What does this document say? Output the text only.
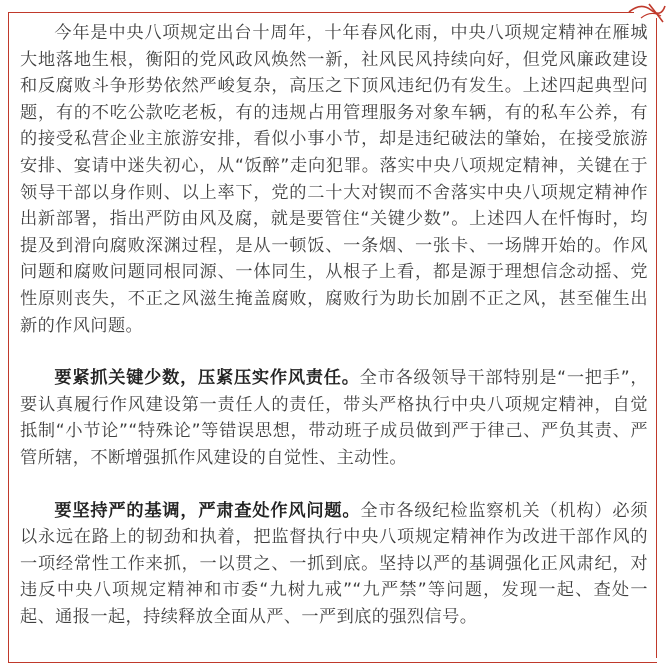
今年是中央八项规定出台十周年，十年春风化雨，中央八项规定精神在雁城大地落地生根，衡阳的党风政风焕然一新，社风民风持续向好，但党风廉政建设和反腐败斗争形势依然严峻复杂，高压之下顶风违纪仍有发生。上述四起典型问题，有的不吃公款吃老板，有的违规占用管理服务对象车辆，有的私车公养，有的接受私营企业主旅游安排，看似小事小节，却是违纪破法的肇始，在接受旅游安排、宴请中迷失初心，从“饭醉”走向犯罪。落实中央八项规定精神，关键在于领导干部以身作则、以上率下，党的二十大对锲而不舍落实中央八项规定精神作出新部署，指出严防由风及腐，就是要管住“关键少数”。上述四人在忏悔时，均提及到滑向腐败深渊过程，是从一顿饭、一条烟、一张卡、一场牌开始的。作风问题和腐败问题同根同源、一体同生，从根子上看，都是源于理想信念动摇、党性原则丧失，不正之风滋生掩盖腐败，腐败行为助长加剧不正之风，甚至催生出新的作风问题。

要紧抓关键少数，压紧压实作风责任。全市各级领导干部特别是“一把手”，要认真履行作风建设第一责任人的责任，带头严格执行中央八项规定精神，自觉抵制“小节论”“特殊论”等错误思想，带动班子成员做到严于律己、严负其责、严管所辖，不断增强抓作风建设的自觉性、主动性。

要坚持严的基调，严肃查处作风问题。全市各级纪检监察机关（机构）必须以永远在路上的韧劲和执着，把监督执行中央八项规定精神作为改进干部作风的一项经常性工作来抓，一以贯之、一抓到底。坚持以严的基调强化正风肃纪，对违反中央八项规定精神和市委“九树九戒”“九严禁”等问题，发现一起、查处一起、通报一起，持续释放全面从严、一严到底的强烈信号。
